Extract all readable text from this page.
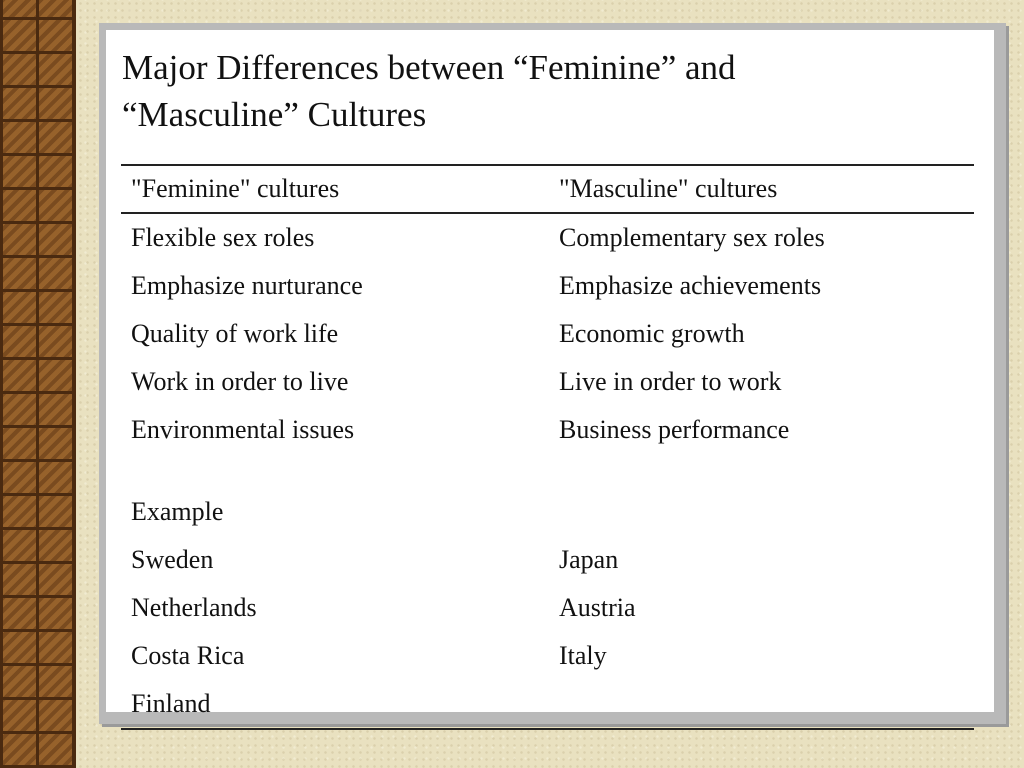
Major Differences between “Feminine” and
“Masculine” Cultures
"Feminine" cultures	"Masculine" cultures
Flexible sex roles	Complementary sex roles
Emphasize nurturance	Emphasize achievements
Quality of work life	Economic growth
Work in order to live	Live in order to work
Environmental issues	Business performance
Example
Sweden	Japan
Netherlands	Austria
Costa Rica	Italy
Finland
